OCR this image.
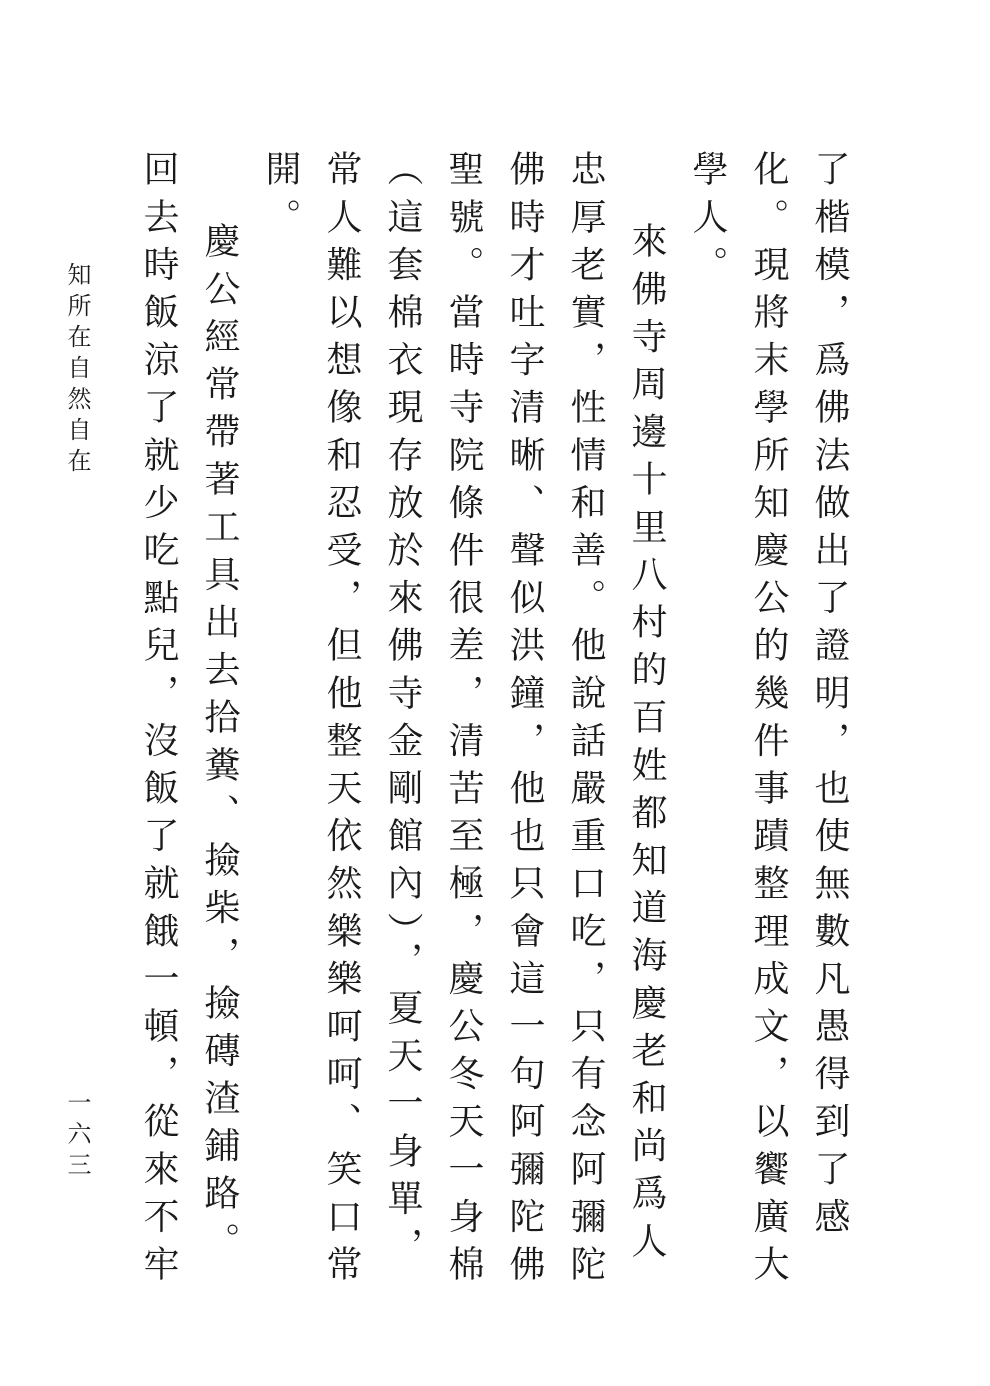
了楷模，爲佛法做出了證明，也使無數凡愚得到了感化。現將末學所知慶公的幾件事蹟整理成文，以饗廣大學人。

來佛寺周邊十里八村的百姓都知道海慶老和尚爲人忠厚老實，性情和善。他說話嚴重口吃，只有念阿彌陀佛時才吐字清晰、聲似洪鐘，他也只會這一句阿彌陀佛聖號。當時寺院條件很差，清苦至極，慶公冬天一身棉（這套棉衣現存放於來佛寺金剛館內），夏天一身單，常人難以想像和忍受，但他整天依然樂樂呵呵、笑口常開。

慶公經常帶著工具出去拾糞、撿柴，撿磚渣鋪路。回去時飯涼了就少吃點兒，沒飯了就餓一頓，從來不牢

知所在自然自在
一六三
